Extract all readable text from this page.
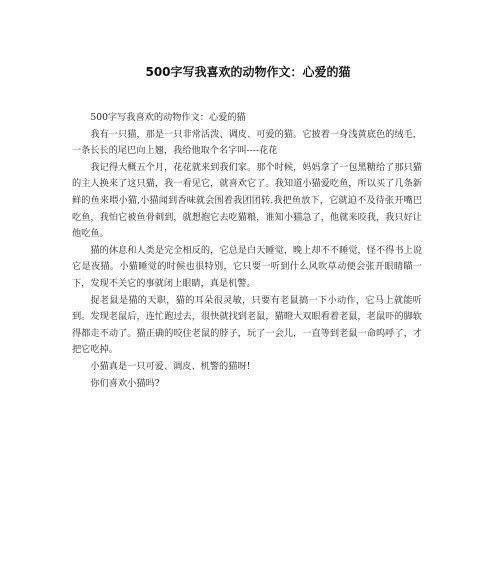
500字写我喜欢的动物作文：心爱的猫

500字写我喜欢的动物作文：心爱的猫

我有一只猫，那是一只非常活泼、调皮、可爱的猫。它披着一身浅黄底色的绒毛，一条长长的尾巴向上翘，我给他取个名字叫----花花

我记得大概五个月，花花就来到我们家。那个时候，妈妈拿了一包黑糖给了那只猫的主人换来了这只猫，我一看见它，就喜欢它了。我知道小猫爱吃鱼，所以买了几条新鲜的鱼来喂小猫,小猫闻到香味就会围着我团团转.我把鱼放下，它就迫不及待张开嘴巴吃鱼，我怕它被鱼骨刺到，就想抱它去吃猫粮，谁知小猫急了，他就来咬我，我只好让他吃鱼。

猫的休息和人类是完全相反的，它总是白天睡觉，晚上却不不睡觉，怪不得书上说它是夜猫。小猫睡觉的时候也很特别，它只要一听到什么风吹草动便会张开眼睛瞄一下，发现不关它的事就闭上眼睛，真是机警。

捉老鼠是猫的天职，猫的耳朵很灵敏，只要有老鼠搞一下小动作，它马上就能听到。发现老鼠后，连忙跑过去，很快就找到老鼠，猫瞪大双眼看着老鼠，老鼠吓的脚软得都走不动了。猫正确的咬住老鼠的脖子，玩了一会儿，一直等到老鼠一命呜呼了，才把它吃掉。

小猫真是一只可爱、调皮、机警的猫呀!

你们喜欢小猫吗?
